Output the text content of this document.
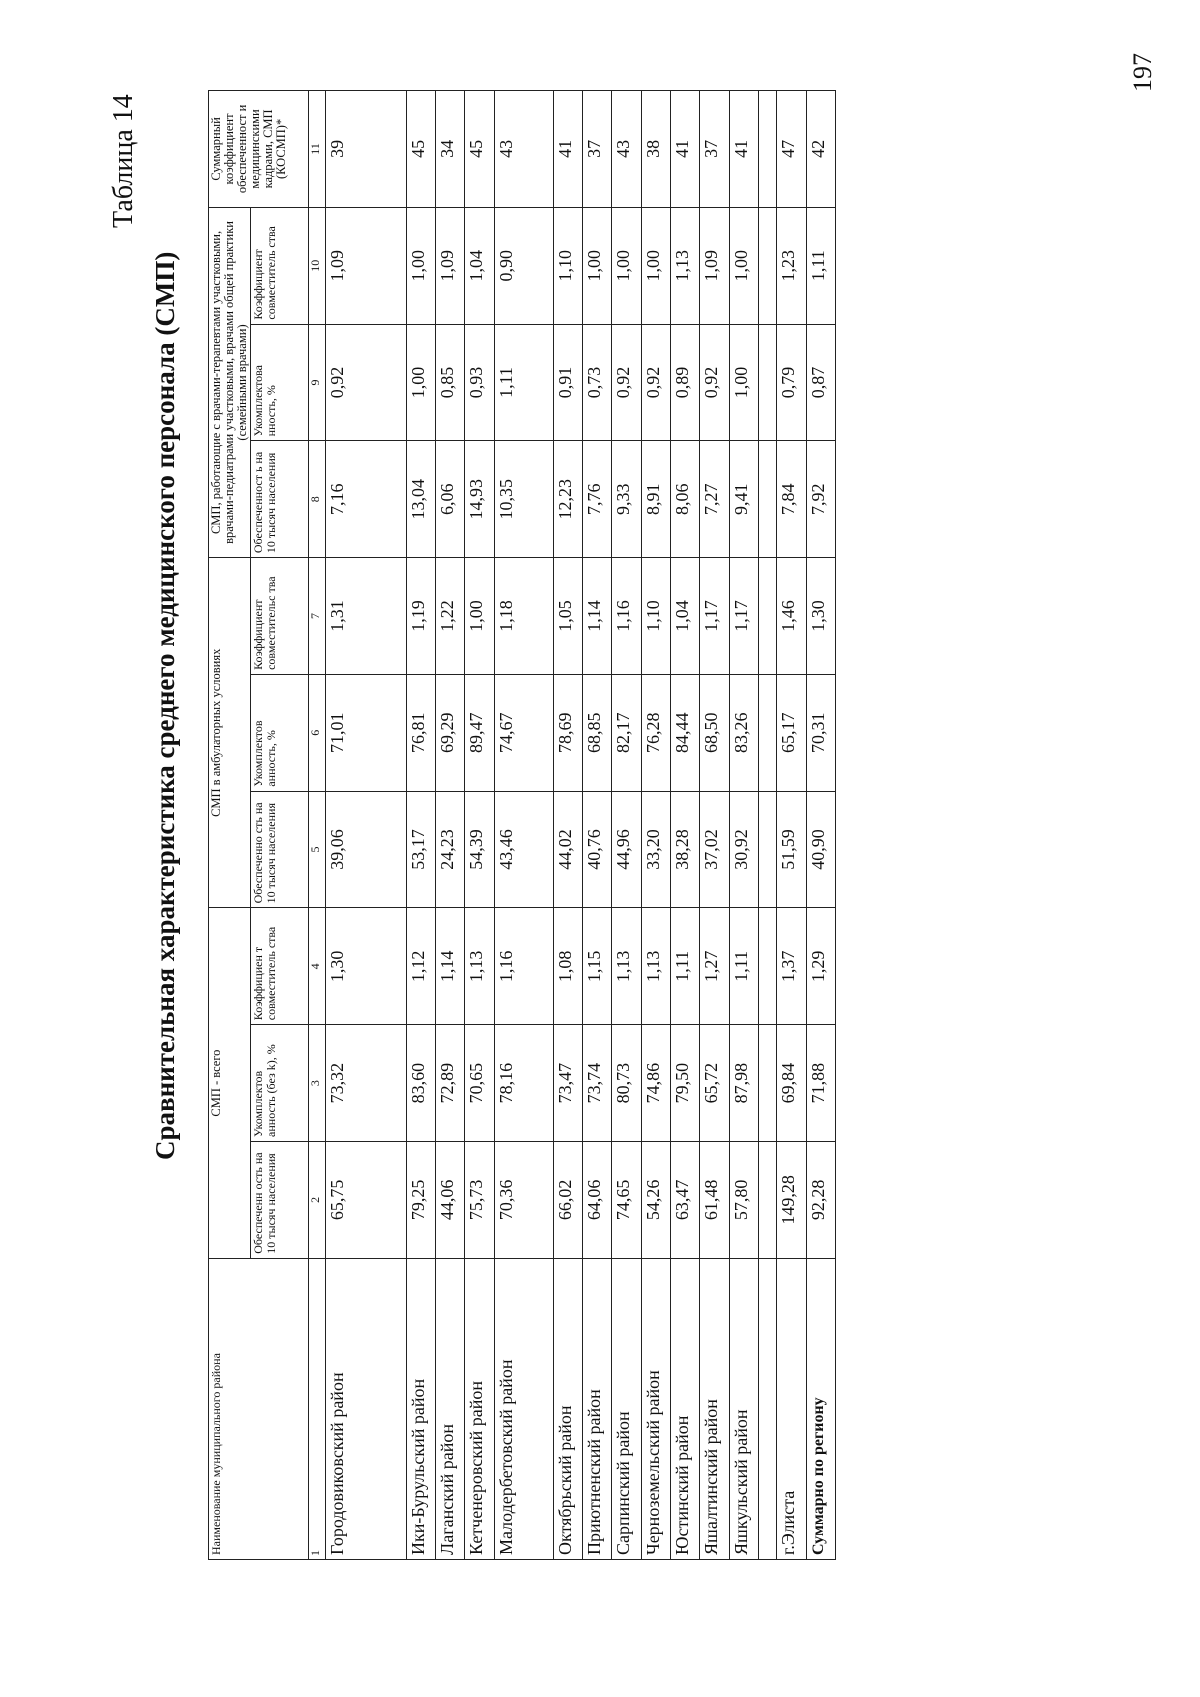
197
Таблица 14
Сравнительная характеристика среднего медицинского персонала (СМП)
Наименование муниципального района	СМП - всего			СМП в амбулаторных условиях			СМП, работающие с врачами-терапевтами участковыми, врачами-педиатрами участковыми, врачами общей практики (семейными врачами)			Суммарный коэффициент обеспеченност и медицинскими кадрами, СМП (КОСМП)*
	Обеспеченн ость на 10 тысяч населения	Укомплектов анность (без k), %	Коэффициен т совместитель ства	Обеспеченно сть на 10 тысяч населения	Укомплектов анность, %	Коэффициент совместительс тва	Обеспеченност ь на 10 тысяч населения	Укомплектова нность, %	Коэффициент совместитель ства	
1	2	3	4	5	6	7	8	9	10	11
Городовиковский район	65,75	73,32	1,30	39,06	71,01	1,31	7,16	0,92	1,09	39
Ики-Бурульский район	79,25	83,60	1,12	53,17	76,81	1,19	13,04	1,00	1,00	45
Лаганский район	44,06	72,89	1,14	24,23	69,29	1,22	6,06	0,85	1,09	34
Кетченеровский район	75,73	70,65	1,13	54,39	89,47	1,00	14,93	0,93	1,04	45
Малодербетовский район	70,36	78,16	1,16	43,46	74,67	1,18	10,35	1,11	0,90	43
Октябрьский район	66,02	73,47	1,08	44,02	78,69	1,05	12,23	0,91	1,10	41
Приютненский район	64,06	73,74	1,15	40,76	68,85	1,14	7,76	0,73	1,00	37
Сарпинский район	74,65	80,73	1,13	44,96	82,17	1,16	9,33	0,92	1,00	43
Черноземельский район	54,26	74,86	1,13	33,20	76,28	1,10	8,91	0,92	1,00	38
Юстинский район	63,47	79,50	1,11	38,28	84,44	1,04	8,06	0,89	1,13	41
Яшалтинский район	61,48	65,72	1,27	37,02	68,50	1,17	7,27	0,92	1,09	37
Яшкульский район	57,80	87,98	1,11	30,92	83,26	1,17	9,41	1,00	1,00	41

г.Элиста	149,28	69,84	1,37	51,59	65,17	1,46	7,84	0,79	1,23	47
Суммарно по региону	92,28	71,88	1,29	40,90	70,31	1,30	7,92	0,87	1,11	42
